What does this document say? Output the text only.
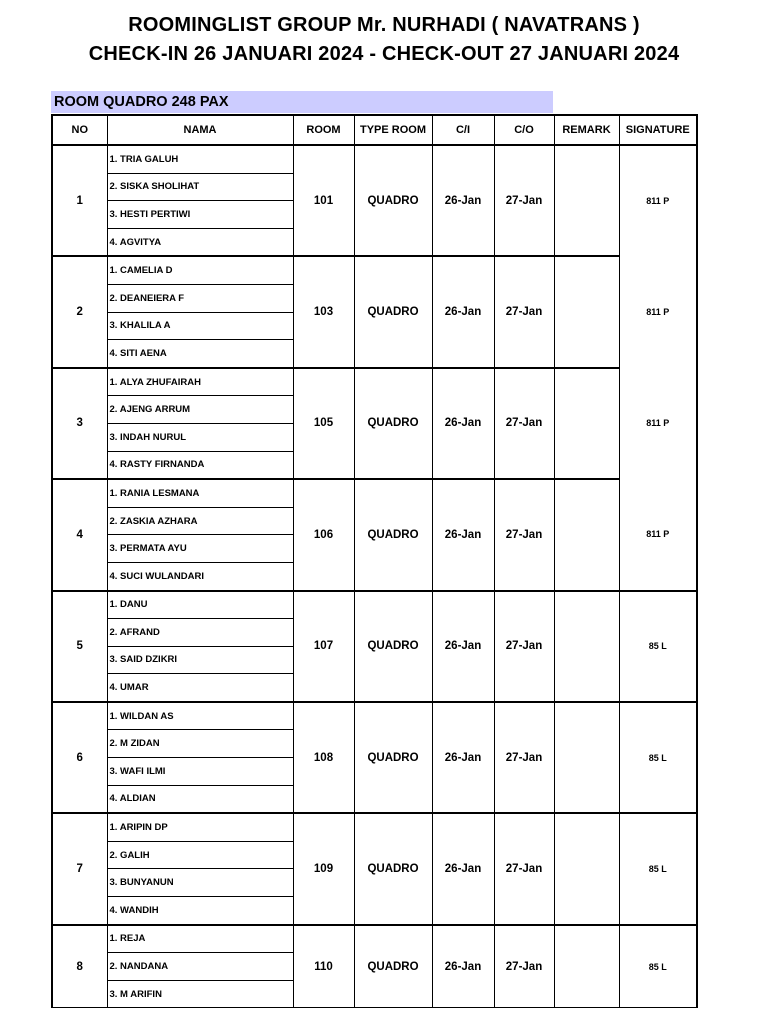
ROOMINGLIST GROUP Mr. NURHADI ( NAVATRANS )
CHECK-IN 26 JANUARI 2024 - CHECK-OUT 27 JANUARI 2024
ROOM QUADRO 248 PAX
NO	NAMA	ROOM	TYPE ROOM	C/I	C/O	REMARK	SIGNATURE
1	1. TRIA GALUH	101	QUADRO	26-Jan	27-Jan		811 P
	2. SISKA SHOLIHAT						
	3. HESTI PERTIWI						
	4. AGVITYA						
2	1. CAMELIA D	103	QUADRO	26-Jan	27-Jan		811 P
	2. DEANEIERA F						
	3. KHALILA A						
	4. SITI AENA						
3	1. ALYA ZHUFAIRAH	105	QUADRO	26-Jan	27-Jan		811 P
	2. AJENG ARRUM						
	3. INDAH NURUL						
	4. RASTY FIRNANDA						
4	1. RANIA LESMANA	106	QUADRO	26-Jan	27-Jan		811 P
	2. ZASKIA AZHARA						
	3. PERMATA AYU						
	4. SUCI WULANDARI						
5	1. DANU	107	QUADRO	26-Jan	27-Jan		85 L
	2. AFRAND						
	3. SAID DZIKRI						
	4. UMAR						
6	1. WILDAN AS	108	QUADRO	26-Jan	27-Jan		85 L
	2. M ZIDAN						
	3. WAFI ILMI						
	4. ALDIAN						
7	1. ARIPIN DP	109	QUADRO	26-Jan	27-Jan		85 L
	2. GALIH						
	3. BUNYANUN						
	4. WANDIH						
8	1. REJA	110	QUADRO	26-Jan	27-Jan		85 L
	2. NANDANA						
	3. M ARIFIN						
